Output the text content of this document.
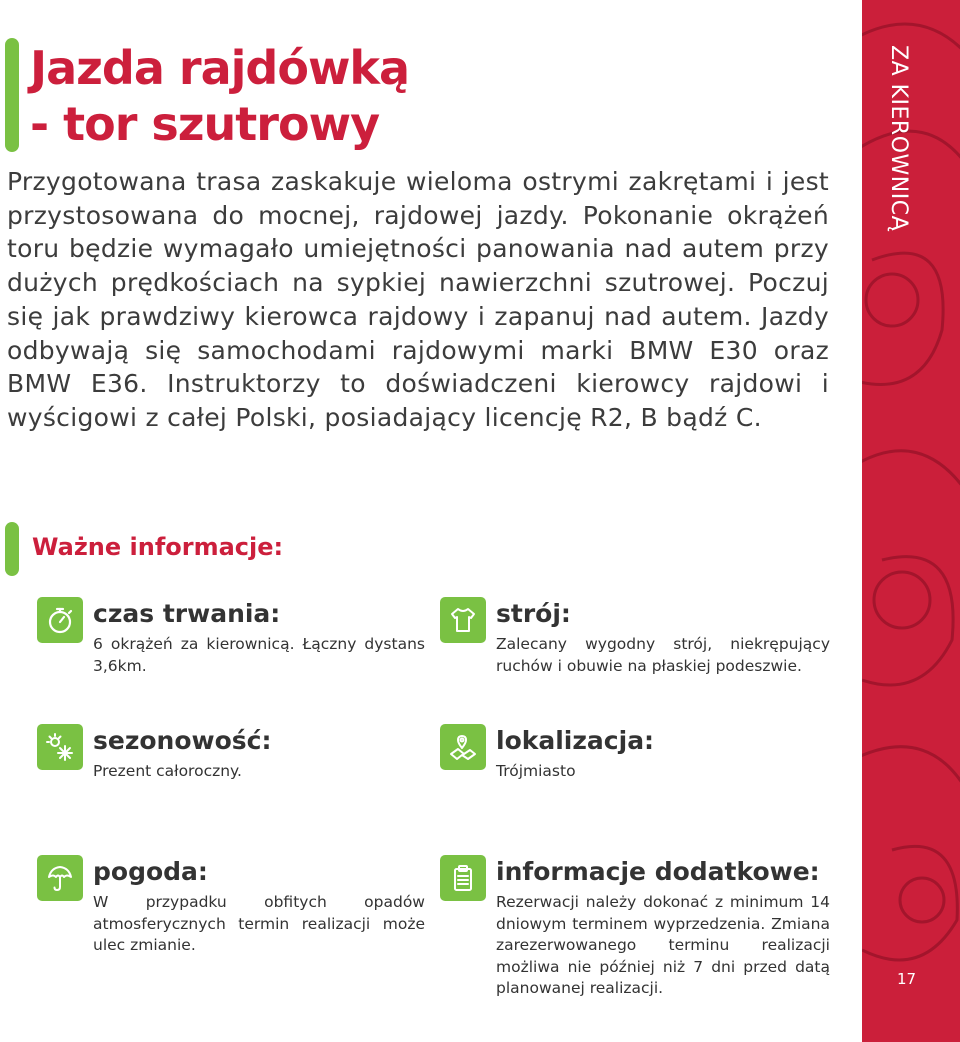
Jazda rajdówką
- tor szutrowy

Przygotowana trasa zaskakuje wieloma ostrymi zakrętami i jest przystosowana do mocnej, rajdowej jazdy. Pokonanie okrążeń toru będzie wymagało umiejętności panowania nad autem przy dużych prędkościach na sypkiej nawierzchni szutrowej. Poczuj się jak prawdziwy kierowca rajdowy i zapanuj nad autem. Jazdy odbywają się samochodami rajdowymi marki BMW E30 oraz BMW E36. Instruktorzy to doświadczeni kierowcy rajdowi i wyścigowi z całej Polski, posiadający licencję R2, B bądź C.

Ważne informacje:
czas trwania:

6 okrążeń za kierownicą. Łączny dystans 3,6km.

strój:

Zalecany wygodny strój, niekrępujący ruchów i obuwie na płaskiej podeszwie.

sezonowość:

Prezent całoroczny.

lokalizacja:

Trójmiasto

pogoda:

W przypadku obfitych opadów atmosferycznych termin realizacji może ulec zmianie.

informacje dodatkowe:

Rezerwacji należy dokonać z minimum 14 dniowym terminem wyprzedzenia. Zmiana zarezerwowanego terminu realizacji możliwa nie później niż 7 dni przed datą planowanej realizacji.

ZA KIEROWNICĄ
17
